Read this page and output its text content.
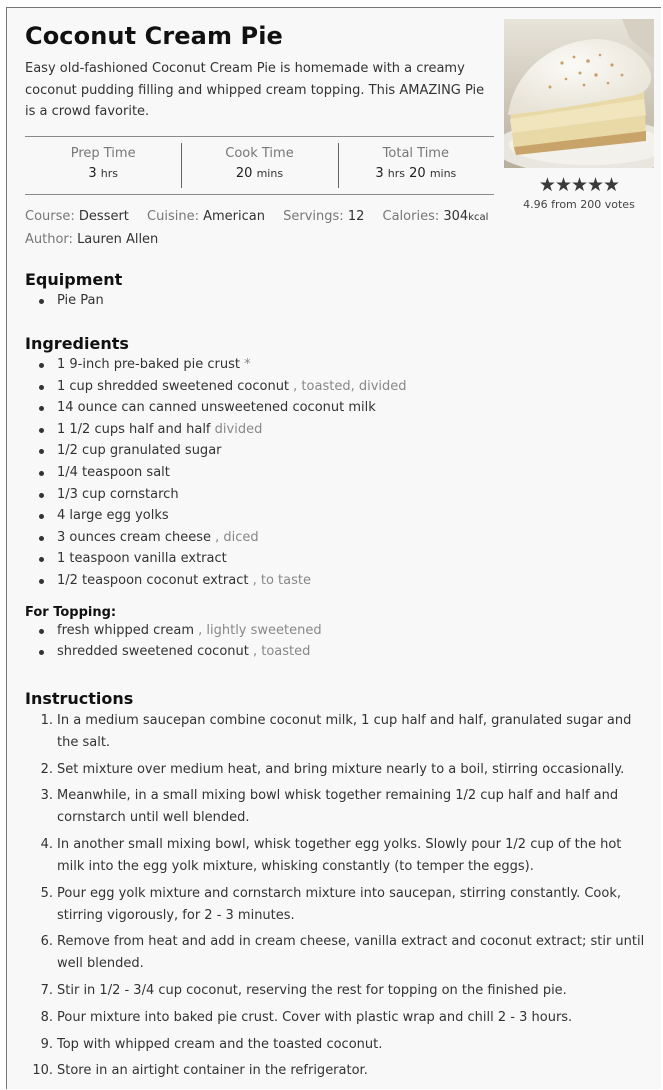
Coconut Cream Pie

Easy old-fashioned Coconut Cream Pie is homemade with a creamy coconut pudding filling and whipped cream topping. This AMAZING Pie is a crowd favorite.

★★★★★
4.96 from 200 votes
Prep Time
3 hrs
Cook Time
20 mins
Total Time
3 hrs 20 mins
Course: Dessert Cuisine: American Servings: 12 Calories: 304kcal
Author: Lauren Allen
Equipment
Pie Pan
Ingredients
1 9-inch pre-baked pie crust *
1 cup shredded sweetened coconut , toasted, divided
14 ounce can canned unsweetened coconut milk
1 1/2 cups half and half divided
1/2 cup granulated sugar
1/4 teaspoon salt
1/3 cup cornstarch
4 large egg yolks
3 ounces cream cheese , diced
1 teaspoon vanilla extract
1/2 teaspoon coconut extract , to taste
For Topping:
fresh whipped cream , lightly sweetened
shredded sweetened coconut , toasted
Instructions
1. In a medium saucepan combine coconut milk, 1 cup half and half, granulated sugar and the salt.
2. Set mixture over medium heat, and bring mixture nearly to a boil, stirring occasionally.
3. Meanwhile, in a small mixing bowl whisk together remaining 1/2 cup half and half and cornstarch until well blended.
4. In another small mixing bowl, whisk together egg yolks. Slowly pour 1/2 cup of the hot milk into the egg yolk mixture, whisking constantly (to temper the eggs).
5. Pour egg yolk mixture and cornstarch mixture into saucepan, stirring constantly. Cook, stirring vigorously, for 2 - 3 minutes.
6. Remove from heat and add in cream cheese, vanilla extract and coconut extract; stir until well blended.
7. Stir in 1/2 - 3/4 cup coconut, reserving the rest for topping on the finished pie.
8. Pour mixture into baked pie crust. Cover with plastic wrap and chill 2 - 3 hours.
9. Top with whipped cream and the toasted coconut.
10. Store in an airtight container in the refrigerator.
